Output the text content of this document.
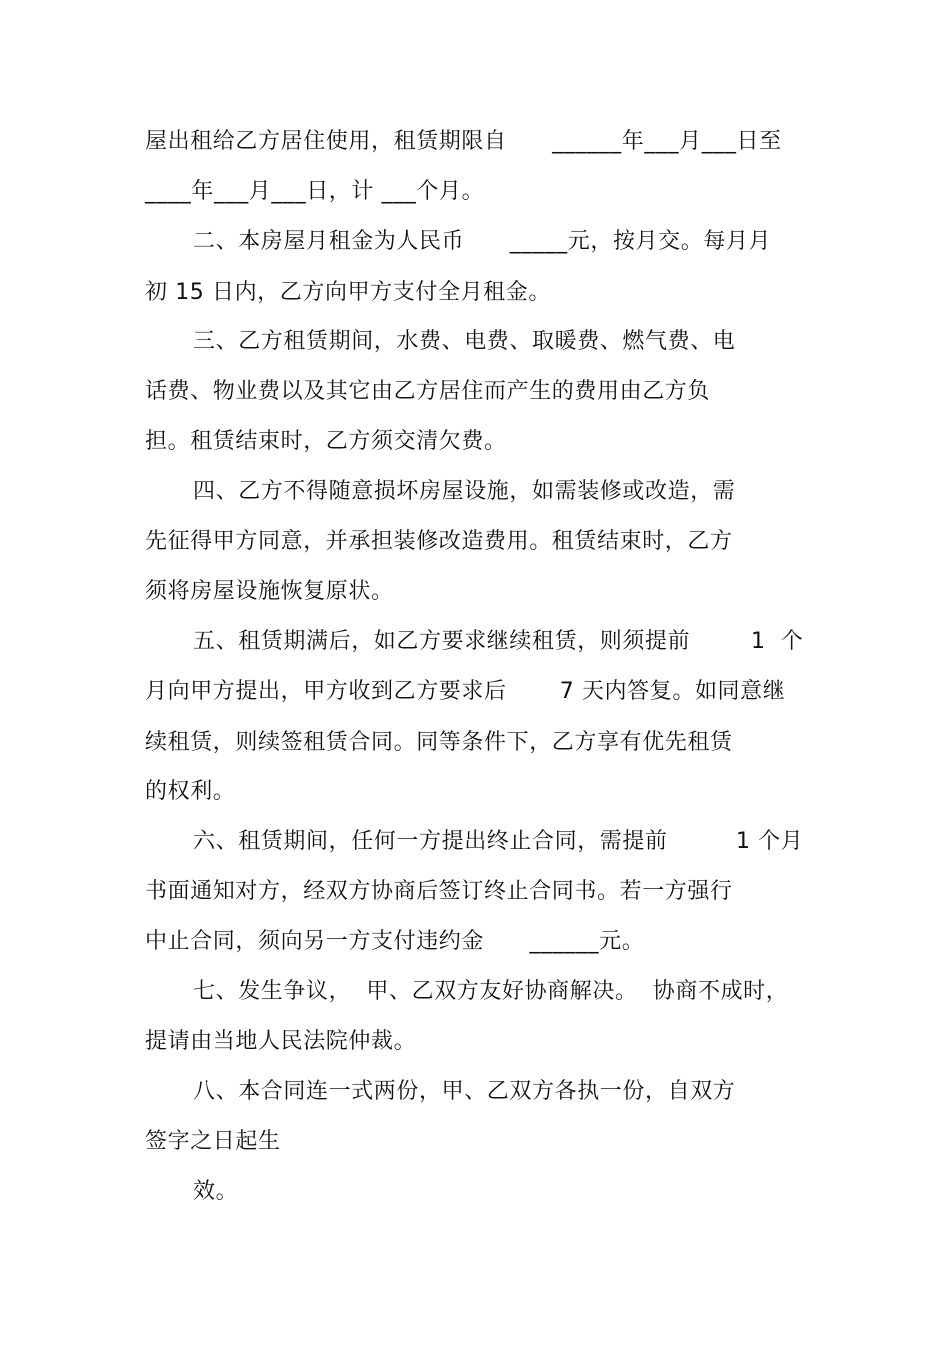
屋出租给乙方居住使用，租赁期限自      ______年___月___日至
____年___月___日，计 ___个月。
二、本房屋月租金为人民币      _____元，按月交。每月月
初 15 日内，乙方向甲方支付全月租金。
三、乙方租赁期间，水费、电费、取暖费、燃气费、电
话费、物业费以及其它由乙方居住而产生的费用由乙方负
担。租赁结束时，乙方须交清欠费。
四、乙方不得随意损坏房屋设施，如需装修或改造，需
先征得甲方同意，并承担装修改造费用。租赁结束时，乙方
须将房屋设施恢复原状。
五、租赁期满后，如乙方要求继续租赁，则须提前        1  个
月向甲方提出，甲方收到乙方要求后       7 天内答复。如同意继
续租赁，则续签租赁合同。同等条件下，乙方享有优先租赁
的权利。
六、租赁期间，任何一方提出终止合同，需提前         1 个月
书面通知对方，经双方协商后签订终止合同书。若一方强行
中止合同，须向另一方支付违约金      ______元。
七、发生争议，  甲、乙双方友好协商解决。  协商不成时，
提请由当地人民法院仲裁。
八、本合同连一式两份，甲、乙双方各执一份，自双方
签字之日起生
效。
